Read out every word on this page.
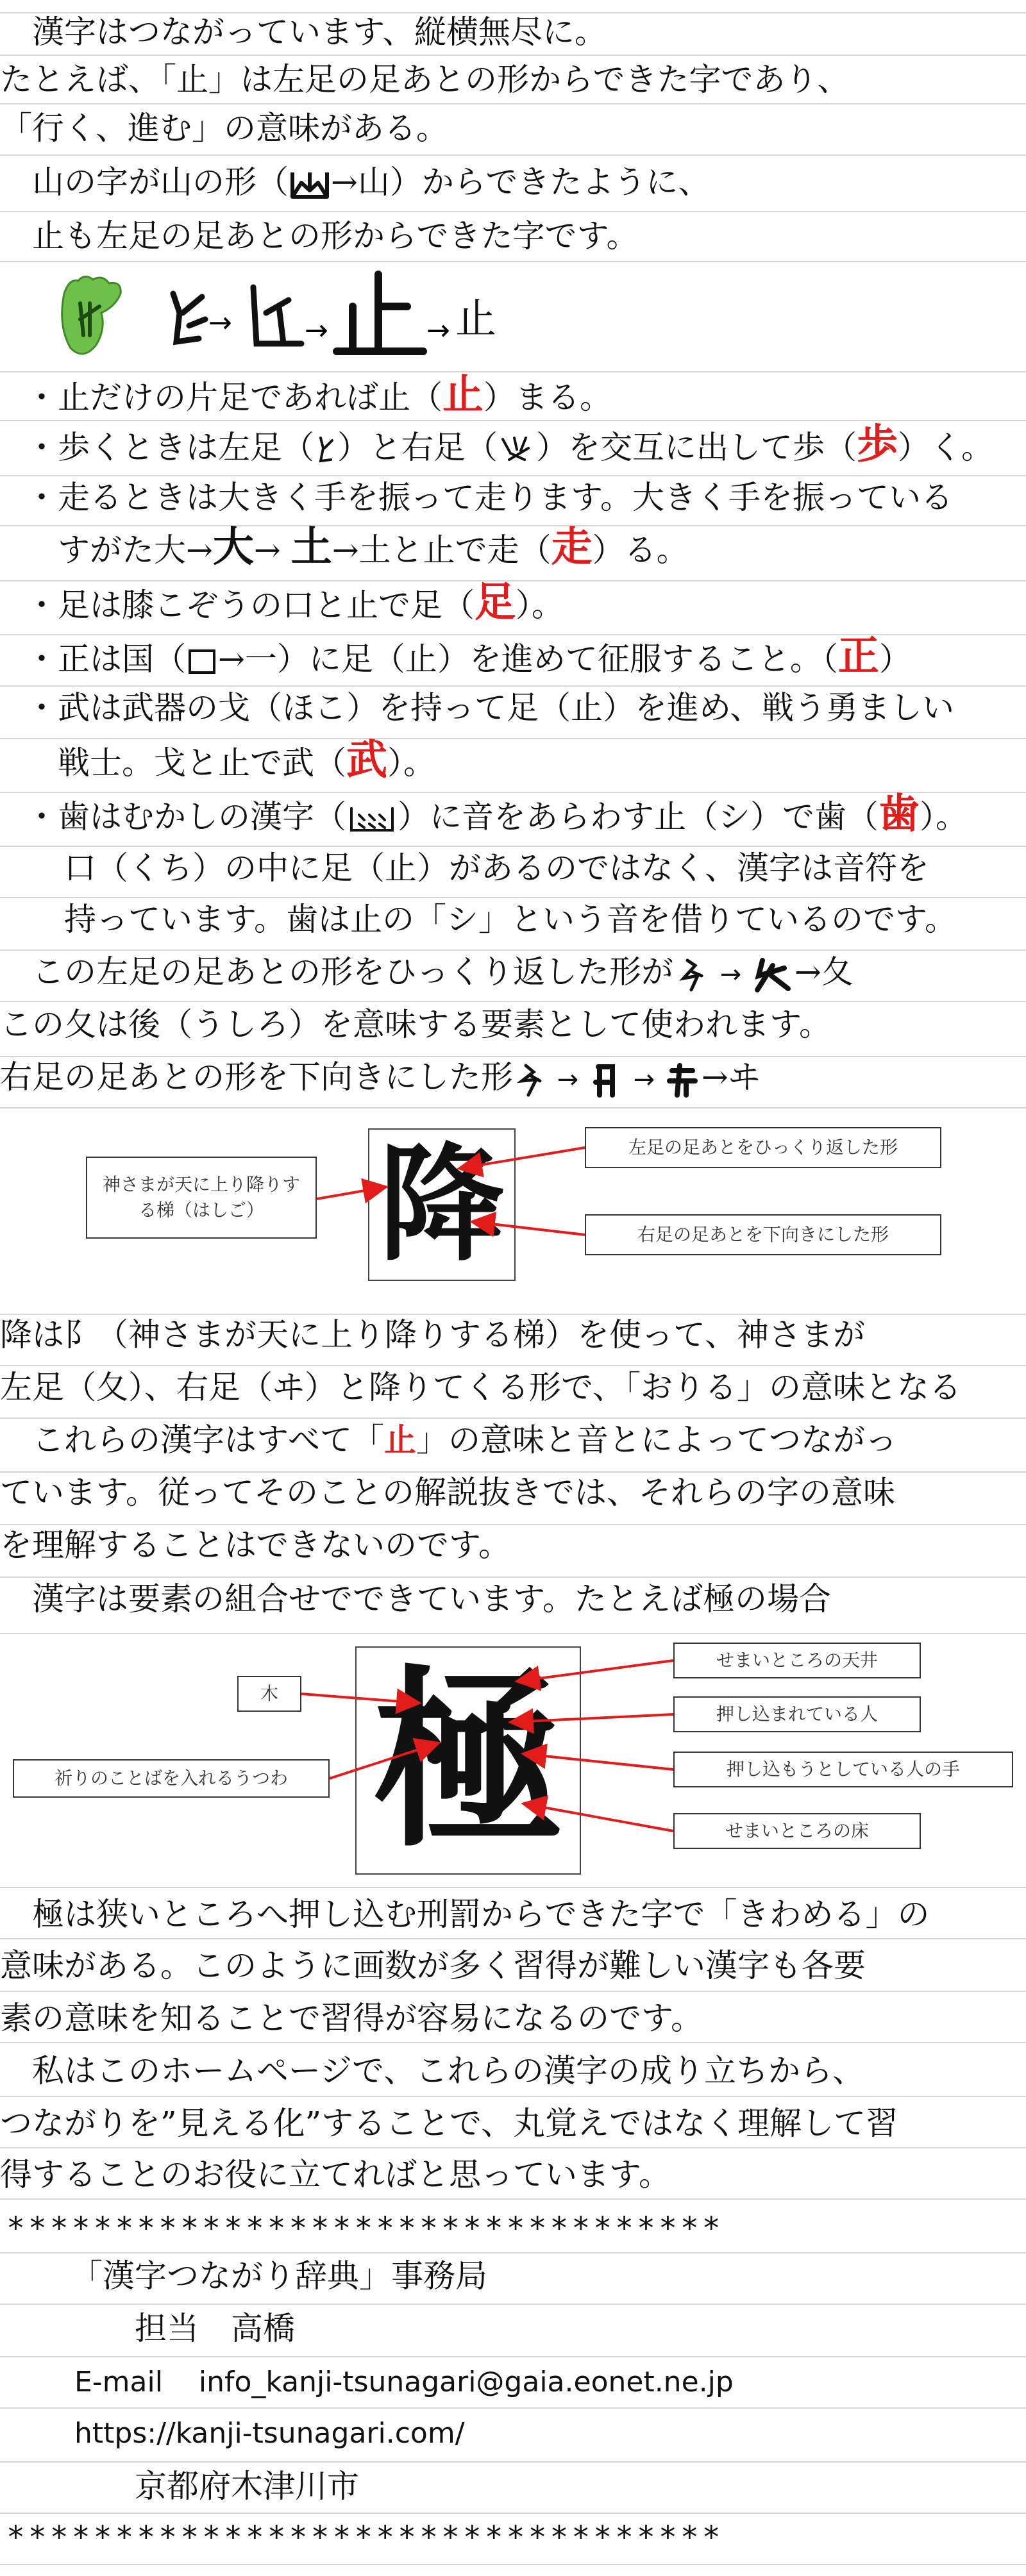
　漢字はつながっています、縦横無尽に。
たとえば、「止」は左足の足あとの形からできた字であり、
「行く、進む」の意味がある。
　山の字が山の形（ →山）からできたように、
　止も左足の足あとの形からできた字です。
→	→	→ 止
・止だけの片足であれば止（止）まる。
・歩くときは左足（ ）と右足（ ）を交互に出して歩（歩）く。
・走るときは大きく手を振って走ります。大きく手を振っている
すがた大→大→ 土→土と止で走（走）る。
・足は膝こぞうの口と止で足（足）。
・正は国（ →一）に足（止）を進めて征服すること。（正）
・武は武器の戈（ほこ）を持って足（止）を進め、戦う勇ましい
戦士。戈と止で武（武）。
・歯はむかしの漢字（ ）に音をあらわす止（シ）で歯（歯）。
口（くち）の中に足（止）があるのではなく、漢字は音符を
持っています。歯は止の「シ」という音を借りているのです。
　この左足の足あとの形をひっくり返した形が → →夂
この夂は後（うしろ）を意味する要素として使われます。
右足の足あとの形を下向きにした形 →  → →ヰ
降
神さまが天に上り降りする梯（はしご）
左足の足あとをひっくり返した形
右足の足あとを下向きにした形
降は阝（神さまが天に上り降りする梯）を使って、神さまが
左足（夂）、右足（ヰ）と降りてくる形で、「おりる」の意味となる
　これらの漢字はすべて「止」の意味と音とによってつながっ
ています。従ってそのことの解説抜きでは、それらの字の意味
を理解することはできないのです。
　漢字は要素の組合せでできています。たとえば極の場合
極
木
祈りのことばを入れるうつわ
せまいところの天井
押し込まれている人
押し込もうとしている人の手
せまいところの床
　極は狭いところへ押し込む刑罰からできた字で「きわめる」の
意味がある。このように画数が多く習得が難しい漢字も各要
素の意味を知ることで習得が容易になるのです。
　私はこのホームページで、これらの漢字の成り立ちから、
つながりを”見える化”することで、丸覚えではなく理解して習
得することのお役に立てればと思っています。
*********************************
「漢字つながり辞典」事務局
担当　高橋
E-mail info_kanji-tsunagari@gaia.eonet.ne.jp
https://kanji-tsunagari.com/
京都府木津川市
*********************************
